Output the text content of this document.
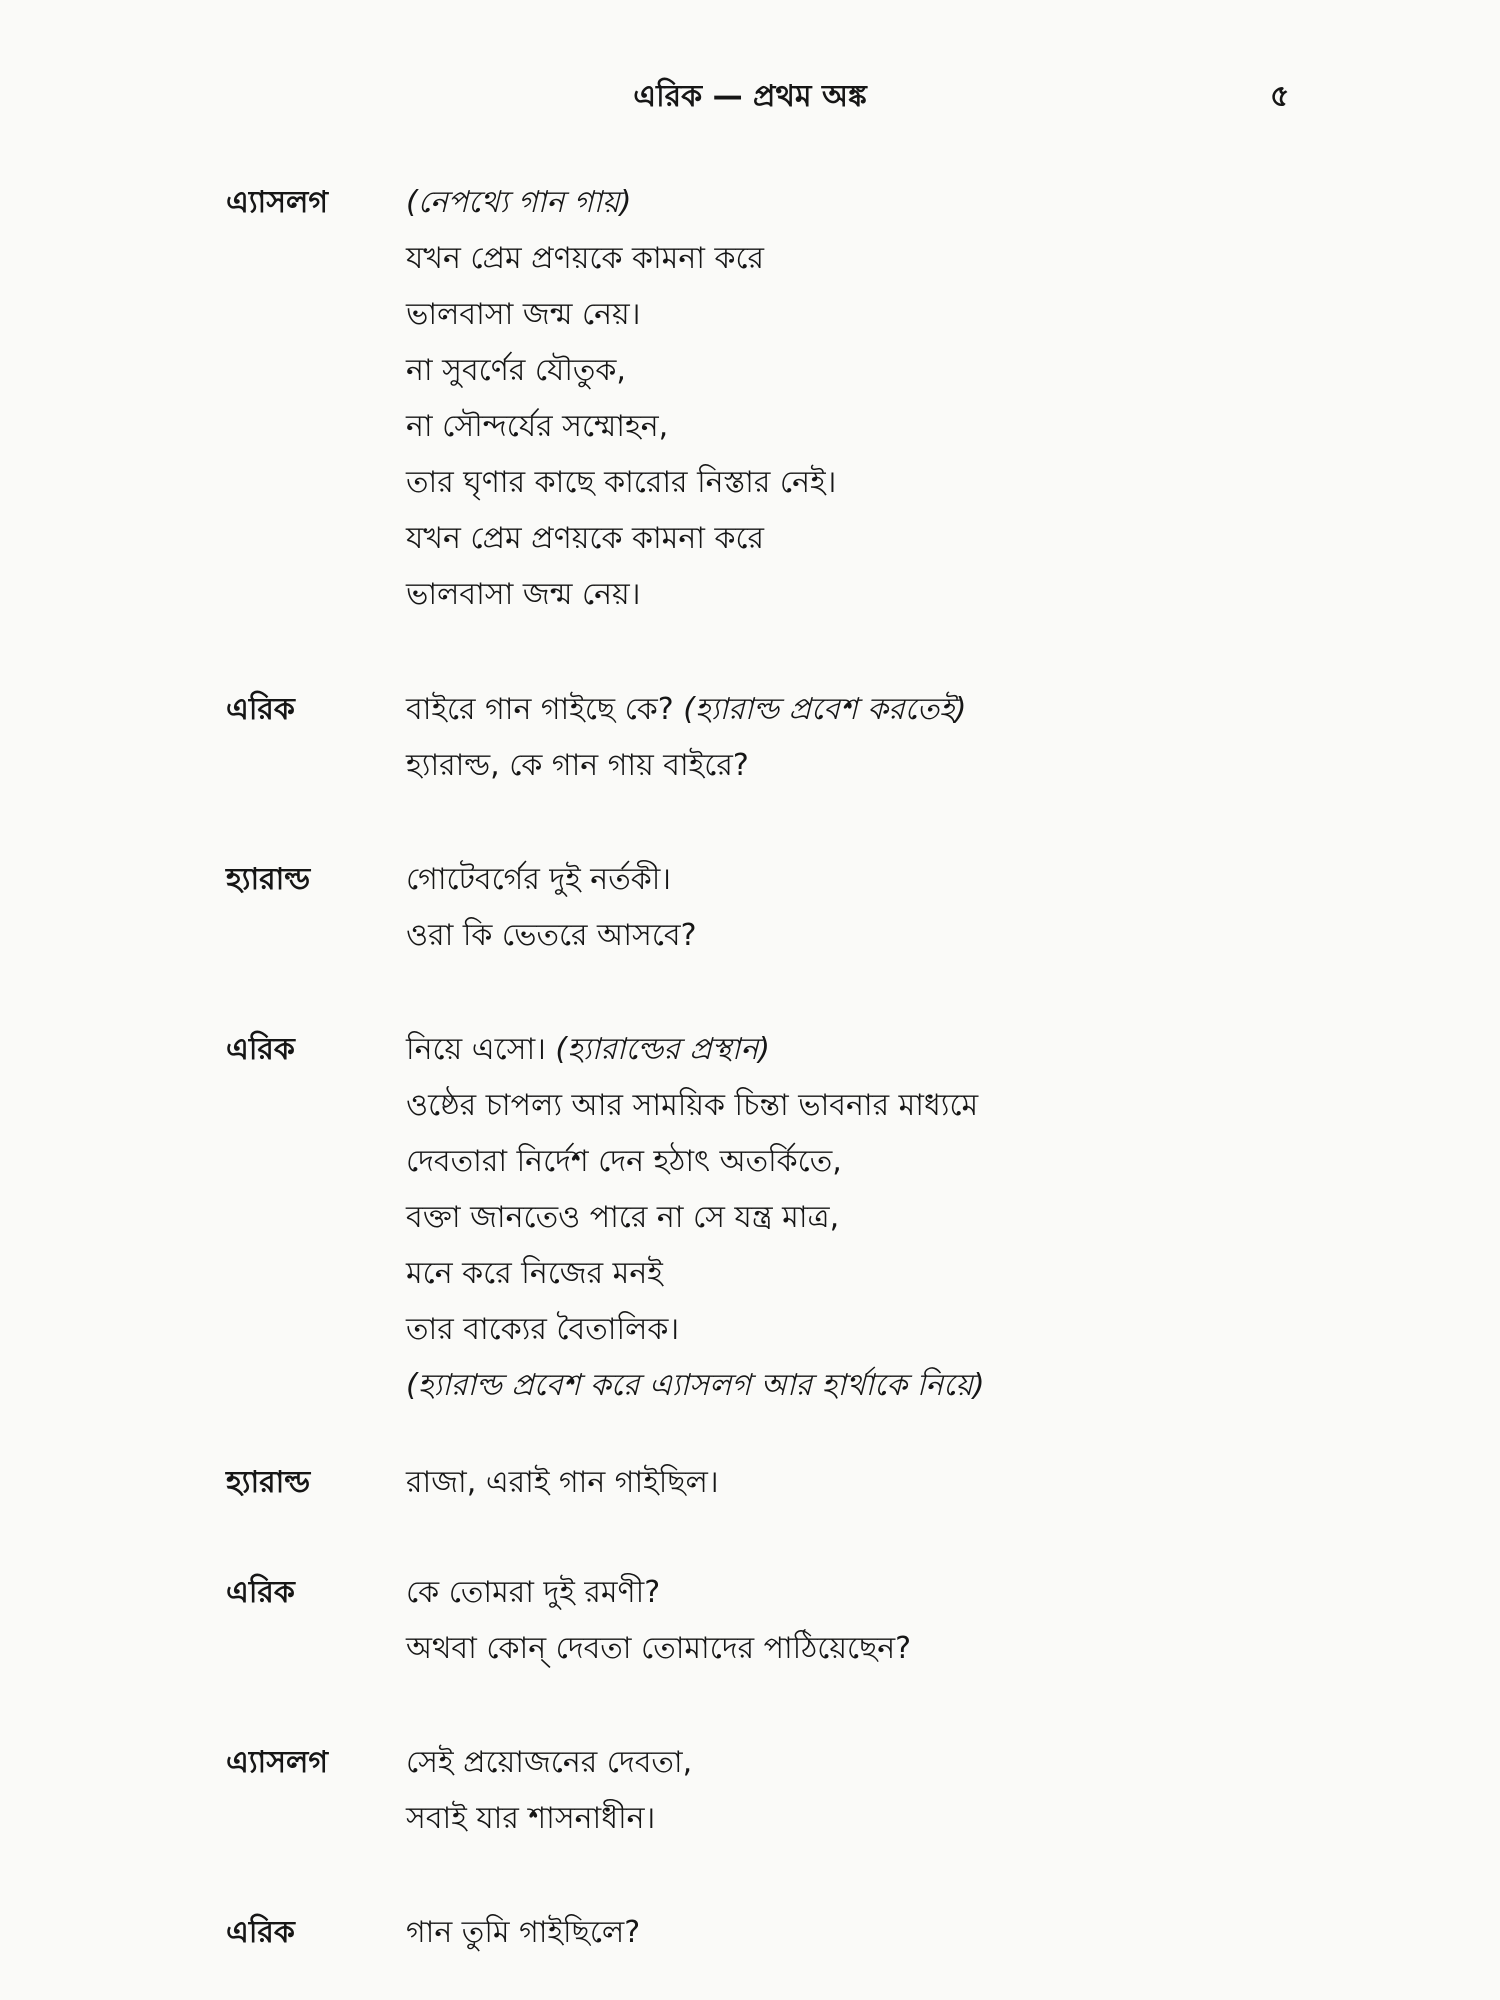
এরিক — প্রথম অঙ্ক	৫
এ্যাসলগ	(নেপথ্যে গান গায়)
যখন প্রেম প্রণয়কে কামনা করে
ভালবাসা জন্ম নেয়।
না সুবর্ণের যৌতুক,
না সৌন্দর্যের সম্মোহন,
তার ঘৃণার কাছে কারোর নিস্তার নেই।
যখন প্রেম প্রণয়কে কামনা করে
ভালবাসা জন্ম নেয়।
এরিক	বাইরে গান গাইছে কে? (হ্যারাল্ড প্রবেশ করতেই)
হ্যারাল্ড, কে গান গায় বাইরে?
হ্যারাল্ড	গোটেবর্গের দুই নর্তকী।
ওরা কি ভেতরে আসবে?
এরিক	নিয়ে এসো। (হ্যারাল্ডের প্রস্থান)
ওষ্ঠের চাপল্য আর সাময়িক চিন্তা ভাবনার মাধ্যমে
দেবতারা নির্দেশ দেন হঠাৎ অতর্কিতে,
বক্তা জানতেও পারে না সে যন্ত্র মাত্র,
মনে করে নিজের মনই
তার বাক্যের বৈতালিক।
(হ্যারাল্ড প্রবেশ করে এ্যাসলগ আর হার্থাকে নিয়ে)
হ্যারাল্ড	রাজা, এরাই গান গাইছিল।
এরিক	কে তোমরা দুই রমণী?
অথবা কোন্ দেবতা তোমাদের পাঠিয়েছেন?
এ্যাসলগ	সেই প্রয়োজনের দেবতা,
সবাই যার শাসনাধীন।
এরিক	গান তুমি গাইছিলে?
